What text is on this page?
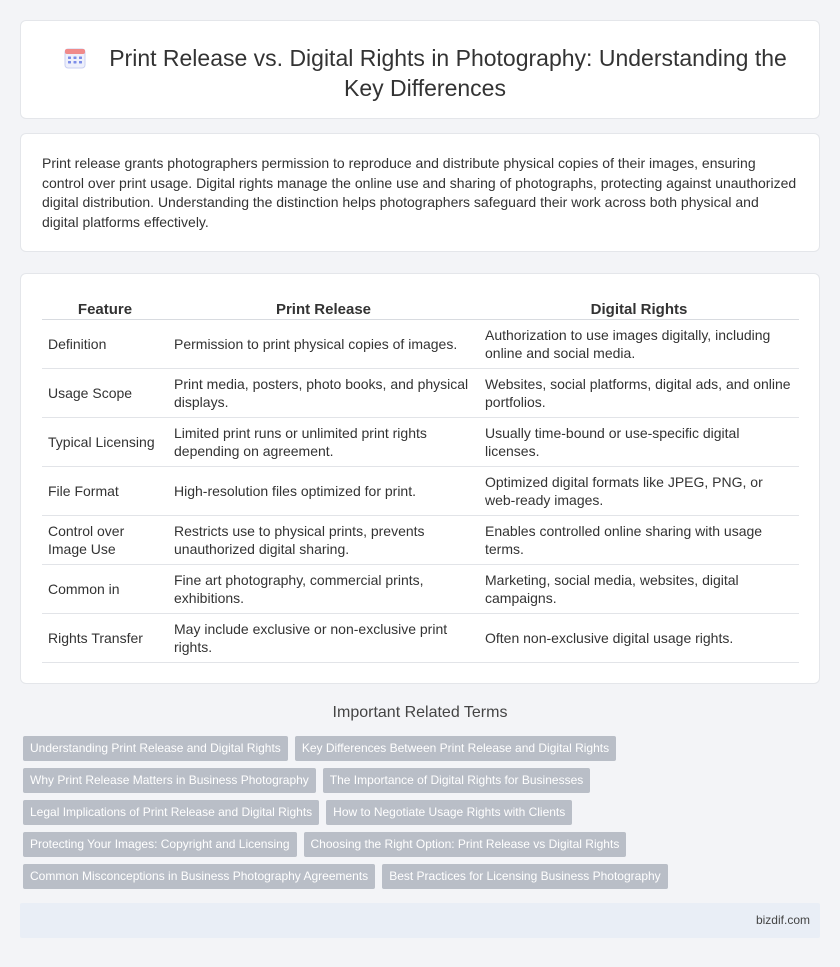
Print Release vs. Digital Rights in Photography: Understanding the Key Differences

Print release grants photographers permission to reproduce and distribute physical copies of their images, ensuring control over print usage. Digital rights manage the online use and sharing of photographs, protecting against unauthorized digital distribution. Understanding the distinction helps photographers safeguard their work across both physical and digital platforms effectively.

Feature	Print Release	Digital Rights
Definition	Permission to print physical copies of images.	Authorization to use images digitally, including online and social media.
Usage Scope	Print media, posters, photo books, and physical displays.	Websites, social platforms, digital ads, and online portfolios.
Typical Licensing	Limited print runs or unlimited print rights depending on agreement.	Usually time-bound or use-specific digital licenses.
File Format	High-resolution files optimized for print.	Optimized digital formats like JPEG, PNG, or web-ready images.
Control over Image Use	Restricts use to physical prints, prevents unauthorized digital sharing.	Enables controlled online sharing with usage terms.
Common in	Fine art photography, commercial prints, exhibitions.	Marketing, social media, websites, digital campaigns.
Rights Transfer	May include exclusive or non-exclusive print rights.	Often non-exclusive digital usage rights.
Important Related Terms
Understanding Print Release and Digital Rights	Key Differences Between Print Release and Digital Rights
Why Print Release Matters in Business Photography	The Importance of Digital Rights for Businesses
Legal Implications of Print Release and Digital Rights	How to Negotiate Usage Rights with Clients
Protecting Your Images: Copyright and Licensing	Choosing the Right Option: Print Release vs Digital Rights
Common Misconceptions in Business Photography Agreements	Best Practices for Licensing Business Photography
bizdif.com
